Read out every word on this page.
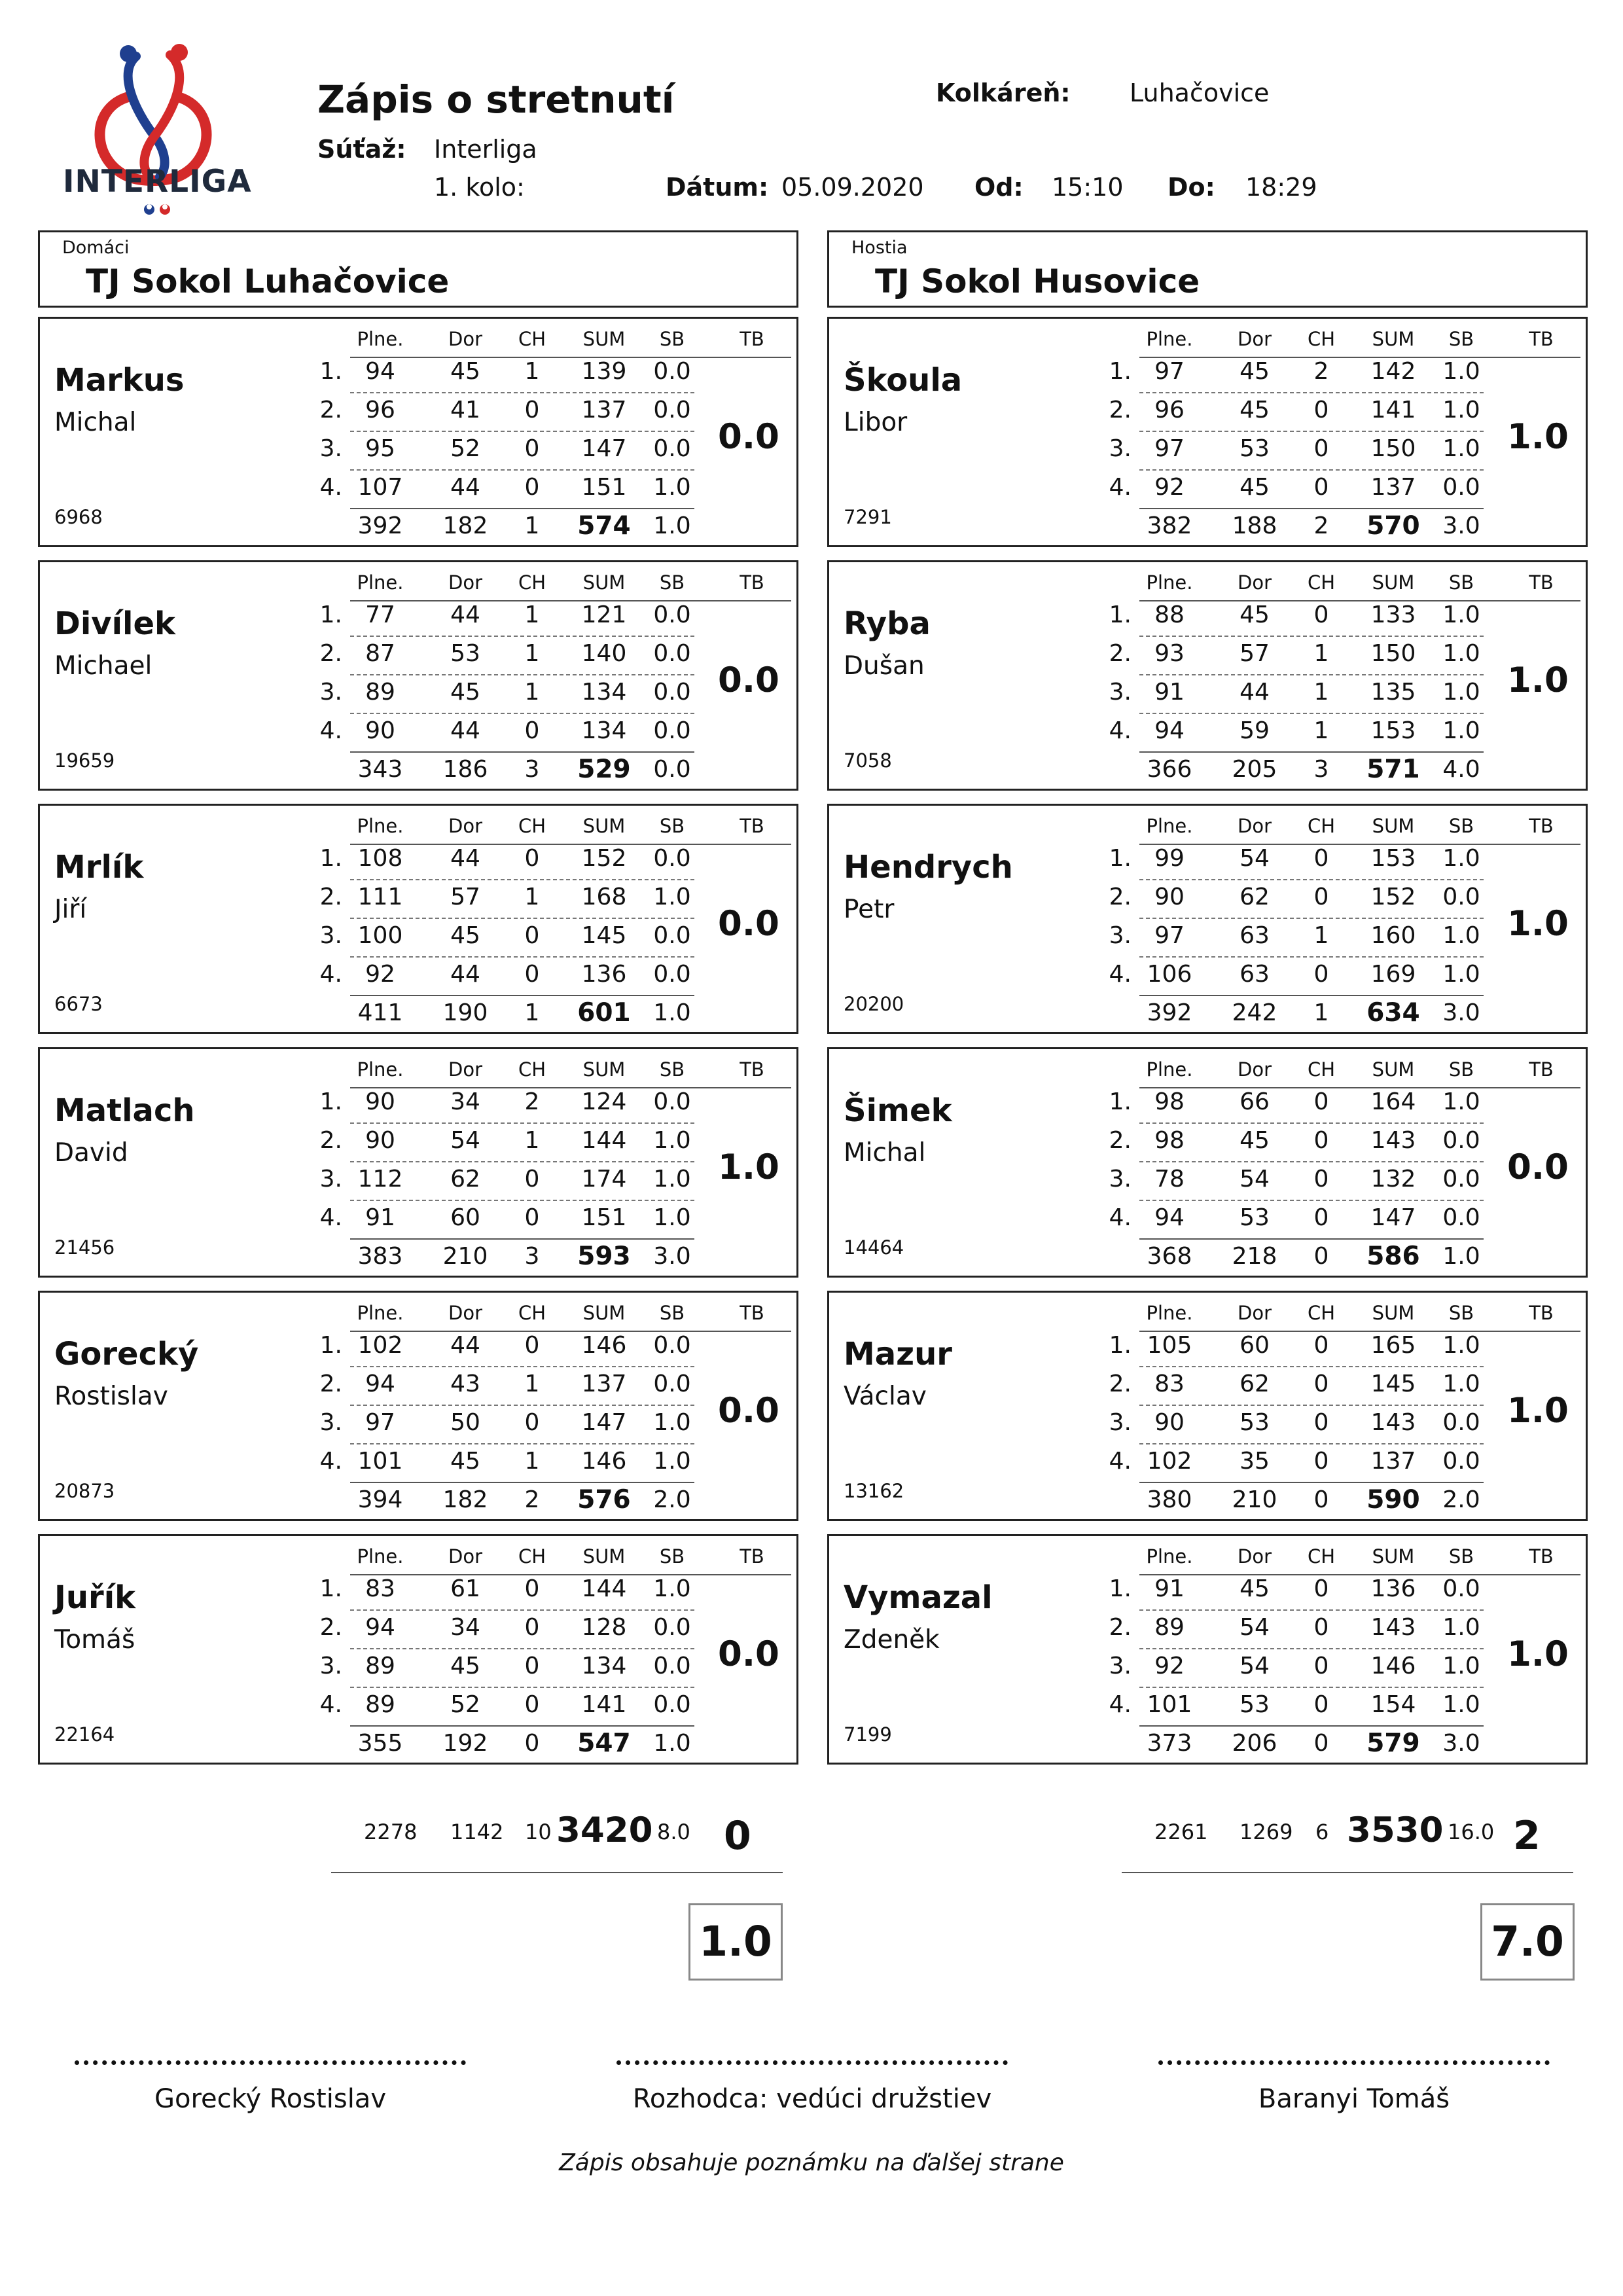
INTERLIGA
Zápis o stretnutí
Súťaž: Interliga
1. kolo:	Dátum: 05.09.2020 Od: 15:10 Do: 18:29
Kolkáreň: Luhačovice
Domáci
TJ Sokol Luhačovice
Hostia
TJ Sokol Husovice
Markus
Michal
6968
0.0
Plne.	Dor	CH	SUM	SB	TB
1. 94	45	1	139	0.0
2. 96	41	0	137	0.0
3. 95	52	0	147	0.0
4. 107	44	0	151	1.0
392	182	1	574 1.0
Divílek
Michael
19659
0.0
Plne.	Dor	CH	SUM	SB	TB
1. 77	44	1	121	0.0
2. 87	53	1	140	0.0
3. 89	45	1	134	0.0
4. 90	44	0	134	0.0
343	186	3	529 0.0
Mrlík
Jiří
6673
0.0
Plne.	Dor	CH	SUM	SB	TB
1. 108	44	0	152	0.0
2. 111	57	1	168	1.0
3. 100	45	0	145	0.0
4. 92	44	0	136	0.0
411	190	1	601 1.0
Matlach
David
21456
1.0
Plne.	Dor	CH	SUM	SB	TB
1. 90	34	2	124	0.0
2. 90	54	1	144	1.0
3. 112	62	0	174	1.0
4. 91	60	0	151	1.0
383	210	3	593 3.0
Gorecký
Rostislav
20873
0.0
Plne.	Dor	CH	SUM	SB	TB
1. 102	44	0	146	0.0
2. 94	43	1	137	0.0
3. 97	50	0	147	1.0
4. 101	45	1	146	1.0
394	182	2	576 2.0
Juřík
Tomáš
22164
0.0
Plne.	Dor	CH	SUM	SB	TB
1. 83	61	0	144	1.0
2. 94	34	0	128	0.0
3. 89	45	0	134	0.0
4. 89	52	0	141	0.0
355	192	0	547 1.0
Škoula
Libor
7291
1.0
Plne.	Dor	CH	SUM	SB	TB
1. 97	45	2	142	1.0
2. 96	45	0	141	1.0
3. 97	53	0	150	1.0
4. 92	45	0	137	0.0
382	188	2	570 3.0
Ryba
Dušan
7058
1.0
Plne.	Dor	CH	SUM	SB	TB
1. 88	45	0	133	1.0
2. 93	57	1	150	1.0
3. 91	44	1	135	1.0
4. 94	59	1	153	1.0
366	205	3	571 4.0
Hendrych
Petr
20200
1.0
Plne.	Dor	CH	SUM	SB	TB
1. 99	54	0	153	1.0
2. 90	62	0	152	0.0
3. 97	63	1	160	1.0
4. 106	63	0	169	1.0
392	242	1	634 3.0
Šimek
Michal
14464
0.0
Plne.	Dor	CH	SUM	SB	TB
1. 98	66	0	164	1.0
2. 98	45	0	143	0.0
3. 78	54	0	132	0.0
4. 94	53	0	147	0.0
368	218	0	586 1.0
Mazur
Václav
13162
1.0
Plne.	Dor	CH	SUM	SB	TB
1. 105	60	0	165	1.0
2. 83	62	0	145	1.0
3. 90	53	0	143	0.0
4. 102	35	0	137	0.0
380	210	0	590 2.0
Vymazal
Zdeněk
7199
1.0
Plne.	Dor	CH	SUM	SB	TB
1. 91	45	0	136	0.0
2. 89	54	0	143	1.0
3. 92	54	0	146	1.0
4. 101	53	0	154	1.0
373	206	0	579 3.0
2278 1142 10 3420 8.0 0
1.0
2261 1269 6 3530 16.0 2
7.0
Gorecký Rostislav	Rozhodca: vedúci družstiev	Baranyi Tomáš
Zápis obsahuje poznámku na ďalšej strane
